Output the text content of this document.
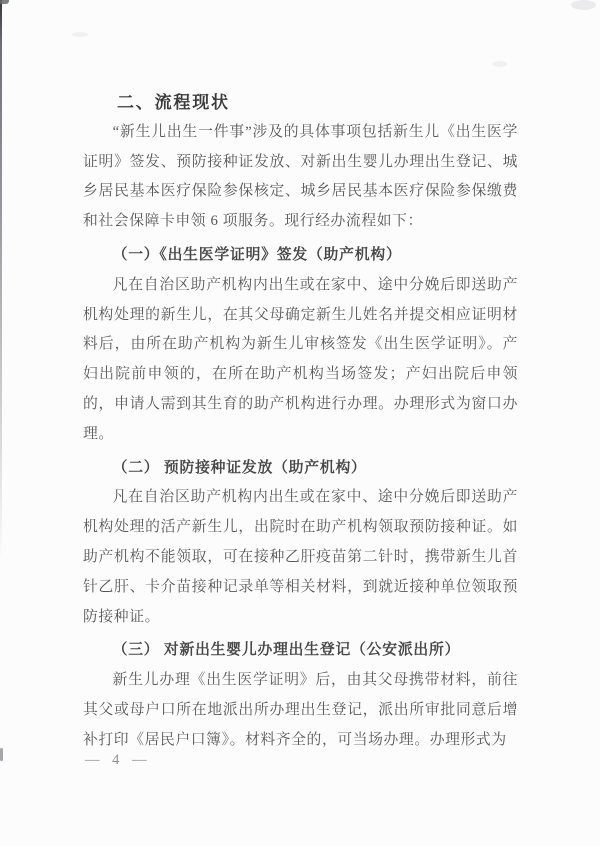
二、流程现状

“新生儿出生一件事”涉及的具体事项包括新生儿《出生医学证明》签发、预防接种证发放、对新出生婴儿办理出生登记、城乡居民基本医疗保险参保核定、城乡居民基本医疗保险参保缴费和社会保障卡申领 6 项服务。现行经办流程如下：

（一）《出生医学证明》签发（助产机构）

凡在自治区助产机构内出生或在家中、途中分娩后即送助产机构处理的新生儿，在其父母确定新生儿姓名并提交相应证明材料后，由所在助产机构为新生儿审核签发《出生医学证明》。产妇出院前申领的，在所在助产机构当场签发；产妇出院后申领的，申请人需到其生育的助产机构进行办理。办理形式为窗口办理。

（二） 预防接种证发放（助产机构）

凡在自治区助产机构内出生或在家中、途中分娩后即送助产机构处理的活产新生儿，出院时在助产机构领取预防接种证。如助产机构不能领取，可在接种乙肝疫苗第二针时，携带新生儿首针乙肝、卡介苗接种记录单等相关材料，到就近接种单位领取预防接种证。

（三） 对新出生婴儿办理出生登记（公安派出所）

新生儿办理《出生医学证明》后，由其父母携带材料，前往其父或母户口所在地派出所办理出生登记，派出所审批同意后增补打印《居民户口簿》。材料齐全的，可当场办理。办理形式为

— 4 —
